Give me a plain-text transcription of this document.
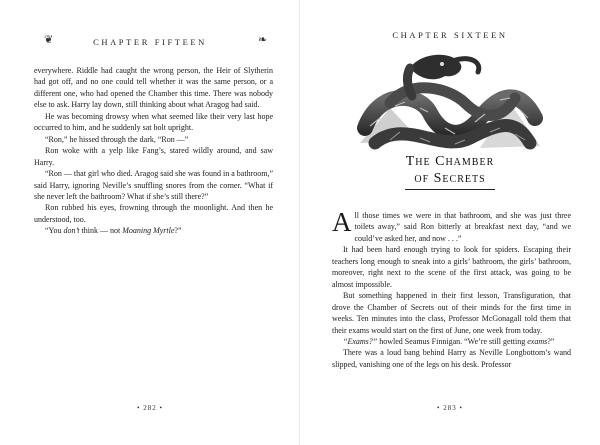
❦	CHAPTER FIFTEEN	❧

everywhere. Riddle had caught the wrong person, the Heir of Slytherin had got off, and no one could tell whether it was the same person, or a different one, who had opened the Chamber this time. There was nobody else to ask. Harry lay down, still thinking about what Aragog had said.

He was becoming drowsy when what seemed like their very last hope occurred to him, and he suddenly sat bolt upright.

“Ron,” he hissed through the dark, “Ron —”

Ron woke with a yelp like Fang’s, stared wildly around, and saw Harry.

“Ron — that girl who died. Aragog said she was found in a bathroom,” said Harry, ignoring Neville’s snuffling snores from the corner. “What if she never left the bathroom? What if she’s still there?”

Ron rubbed his eyes, frowning through the moonlight. And then he understood, too.

“You don’t think — not Moaning Myrtle?”

• 282 •
CHAPTER SIXTEEN
The Chamber
of Secrets

All those times we were in that bathroom, and she was just three toilets away,” said Ron bitterly at breakfast next day, “and we could’ve asked her, and now . . .”

It had been hard enough trying to look for spiders. Escaping their teachers long enough to sneak into a girls’ bathroom, the girls’ bathroom, moreover, right next to the scene of the first attack, was going to be almost impossible.

But something happened in their first lesson, Transfiguration, that drove the Chamber of Secrets out of their minds for the first time in weeks. Ten minutes into the class, Professor McGonagall told them that their exams would start on the first of June, one week from today.

“Exams?” howled Seamus Finnigan. “We’re still getting exams?”

There was a loud bang behind Harry as Neville Longbottom’s wand slipped, vanishing one of the legs on his desk. Professor

• 283 •
